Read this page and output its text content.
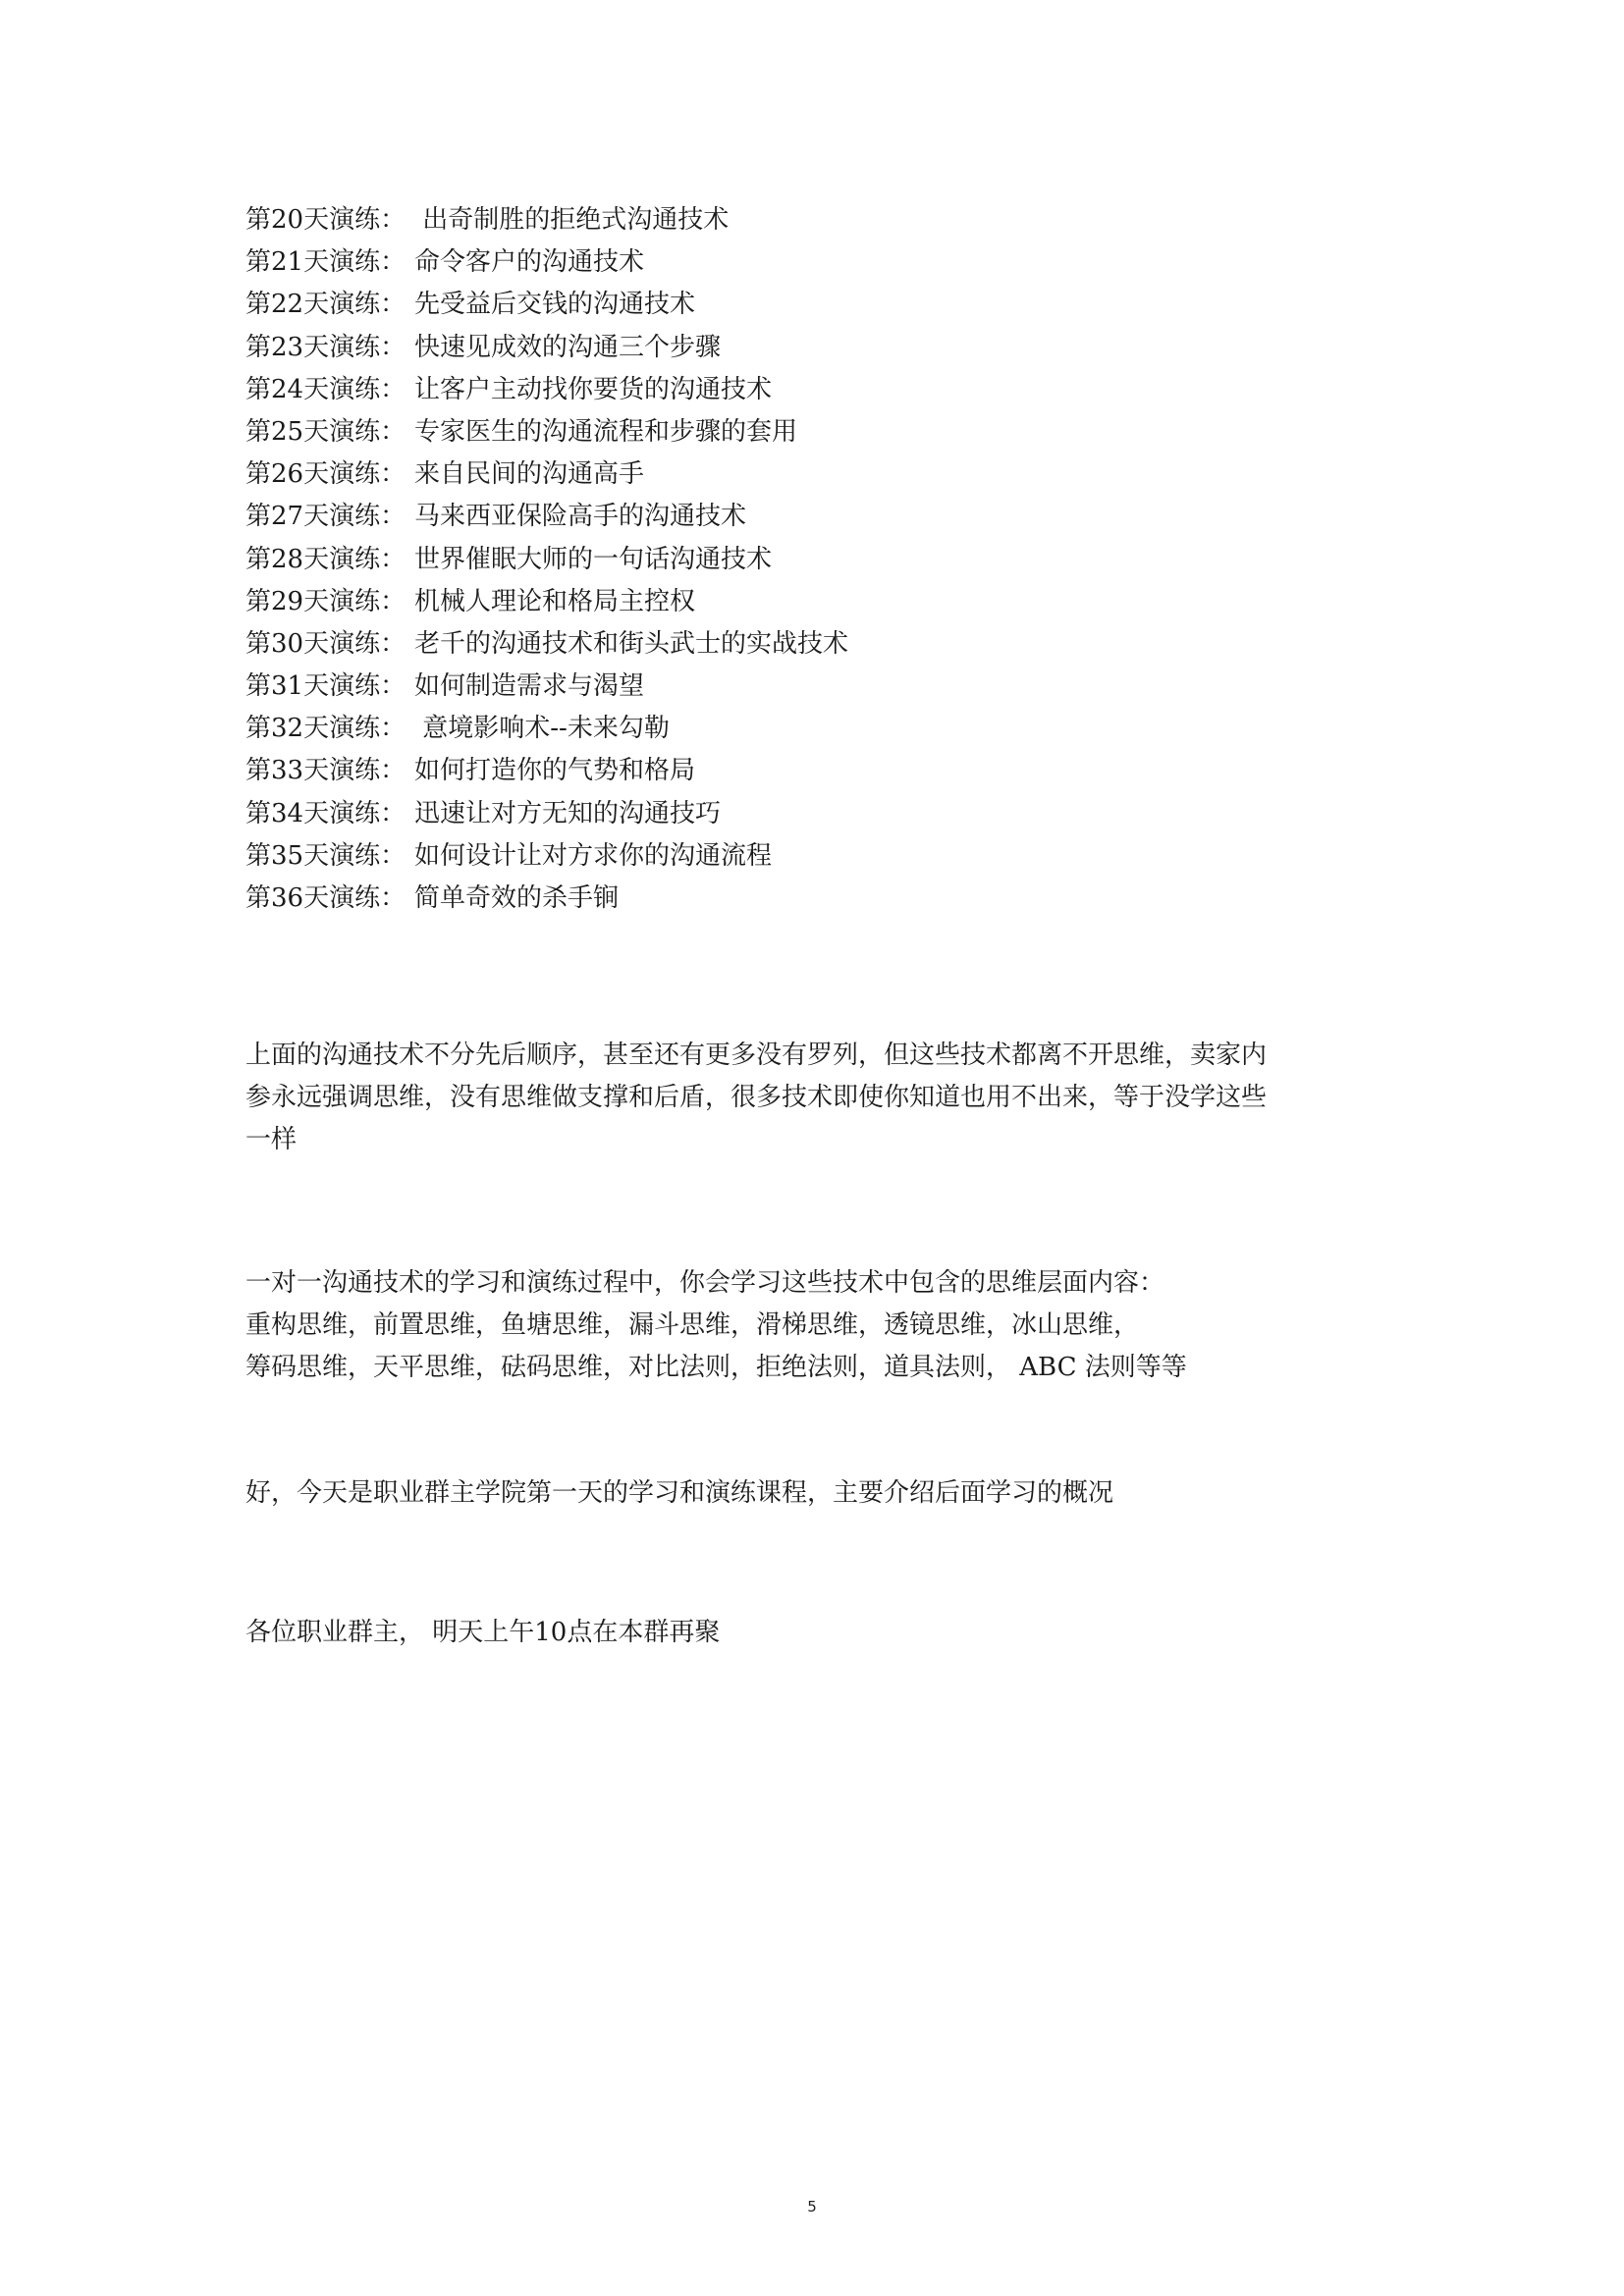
第20天演练： 出奇制胜的拒绝式沟通技术
第21天演练： 命令客户的沟通技术
第22天演练： 先受益后交钱的沟通技术
第23天演练： 快速见成效的沟通三个步骤
第24天演练： 让客户主动找你要货的沟通技术
第25天演练： 专家医生的沟通流程和步骤的套用
第26天演练： 来自民间的沟通高手
第27天演练： 马来西亚保险高手的沟通技术
第28天演练： 世界催眠大师的一句话沟通技术
第29天演练： 机械人理论和格局主控权
第30天演练： 老千的沟通技术和街头武士的实战技术
第31天演练： 如何制造需求与渴望
第32天演练： 意境影响术--未来勾勒
第33天演练： 如何打造你的气势和格局
第34天演练： 迅速让对方无知的沟通技巧
第35天演练： 如何设计让对方求你的沟通流程
第36天演练： 简单奇效的杀手锏

上面的沟通技术不分先后顺序，甚至还有更多没有罗列，但这些技术都离不开思维，卖家内
参永远强调思维，没有思维做支撑和后盾，很多技术即使你知道也用不出来，等于没学这些
一样

一对一沟通技术的学习和演练过程中，你会学习这些技术中包含的思维层面内容：
重构思维，前置思维，鱼塘思维，漏斗思维，滑梯思维，透镜思维，冰山思维，
筹码思维，天平思维，砝码思维，对比法则，拒绝法则，道具法则， ABC 法则等等

好，今天是职业群主学院第一天的学习和演练课程，主要介绍后面学习的概况

各位职业群主， 明天上午10点在本群再聚

5
